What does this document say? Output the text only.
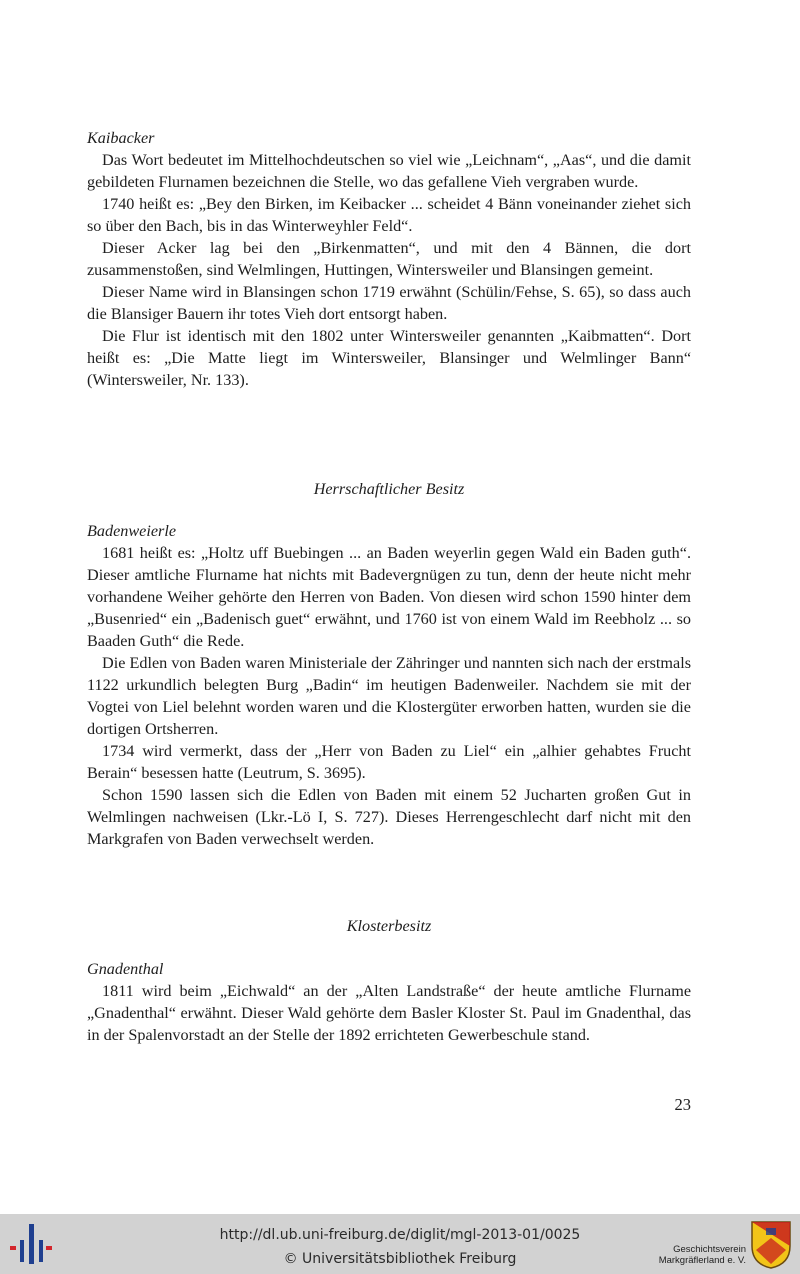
Kaibacker

Das Wort bedeutet im Mittelhochdeutschen so viel wie „Leichnam“, „Aas“, und die damit gebildeten Flurnamen bezeichnen die Stelle, wo das gefallene Vieh vergraben wurde.

1740 heißt es: „Bey den Birken, im Keibacker ... scheidet 4 Bänn voneinander ziehet sich so über den Bach, bis in das Winterweyhler Feld“.

Dieser Acker lag bei den „Birkenmatten“, und mit den 4 Bännen, die dort zusammenstoßen, sind Welmlingen, Huttingen, Wintersweiler und Blansingen gemeint.

Dieser Name wird in Blansingen schon 1719 erwähnt (Schülin/Fehse, S. 65), so dass auch die Blansiger Bauern ihr totes Vieh dort entsorgt haben.

Die Flur ist identisch mit den 1802 unter Wintersweiler genannten „Kaibmatten“. Dort heißt es: „Die Matte liegt im Wintersweiler, Blansinger und Welmlinger Bann“ (Wintersweiler, Nr. 133).

Herrschaftlicher Besitz

Badenweierle

1681 heißt es: „Holtz uff Buebingen ... an Baden weyerlin gegen Wald ein Baden guth“. Dieser amtliche Flurname hat nichts mit Badevergnügen zu tun, denn der heute nicht mehr vorhandene Weiher gehörte den Herren von Baden. Von diesen wird schon 1590 hinter dem „Busenried“ ein „Badenisch guet“ erwähnt, und 1760 ist von einem Wald im Reebholz ... so Baaden Guth“ die Rede.

Die Edlen von Baden waren Ministeriale der Zähringer und nannten sich nach der erstmals 1122 urkundlich belegten Burg „Badin“ im heutigen Badenweiler. Nachdem sie mit der Vogtei von Liel belehnt worden waren und die Klostergüter erworben hatten, wurden sie die dortigen Ortsherren.

1734 wird vermerkt, dass der „Herr von Baden zu Liel“ ein „alhier gehabtes Frucht Berain“ besessen hatte (Leutrum, S. 3695).

Schon 1590 lassen sich die Edlen von Baden mit einem 52 Jucharten großen Gut in Welmlingen nachweisen (Lkr.-Lö I, S. 727). Dieses Herrengeschlecht darf nicht mit den Markgrafen von Baden verwechselt werden.

Klosterbesitz

Gnadenthal

1811 wird beim „Eichwald“ an der „Alten Landstraße“ der heute amtliche Flurname „Gnadenthal“ erwähnt. Dieser Wald gehörte dem Basler Kloster St. Paul im Gnadenthal, das in der Spalenvorstadt an der Stelle der 1892 errichteten Gewerbeschule stand.

23
http://dl.ub.uni-freiburg.de/diglit/mgl-2013-01/0025
© Universitätsbibliothek Freiburg
Geschichtsverein
Markgräflerland e. V.
